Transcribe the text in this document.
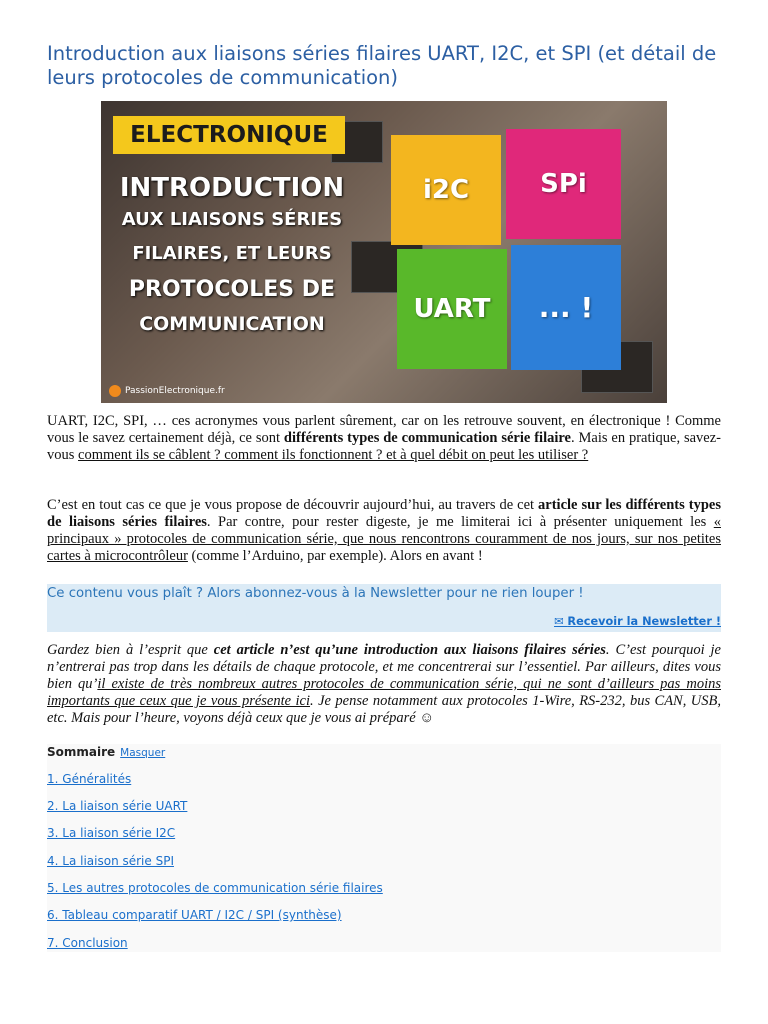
Introduction aux liaisons séries filaires UART, I2C, et SPI (et détail de leurs protocoles de communication)
ELECTRONIQUE
INTRODUCTION
AUX LIAISONS SÉRIES
FILAIRES, ET LEURS
PROTOCOLES DE
COMMUNICATION
i2C	SPi
UART	... !
PassionElectronique.fr

UART, I2C, SPI, … ces acronymes vous parlent sûrement, car on les retrouve souvent, en électronique ! Comme vous le savez certainement déjà, ce sont différents types de communication série filaire. Mais en pratique, savez-vous comment ils se câblent ? comment ils fonctionnent ? et à quel débit on peut les utiliser ?

C’est en tout cas ce que je vous propose de découvrir aujourd’hui, au travers de cet article sur les différents types de liaisons séries filaires. Par contre, pour rester digeste, je me limiterai ici à présenter uniquement les « principaux » protocoles de communication série, que nous rencontrons couramment de nos jours, sur nos petites cartes à microcontrôleur (comme l’Arduino, par exemple). Alors en avant !

Ce contenu vous plaît ? Alors abonnez-vous à la Newsletter pour ne rien louper !
✉ Recevoir la Newsletter !

Gardez bien à l’esprit que cet article n’est qu’une introduction aux liaisons filaires séries. C’est pourquoi je n’entrerai pas trop dans les détails de chaque protocole, et me concentrerai sur l’essentiel. Par ailleurs, dites vous bien qu’il existe de très nombreux autres protocoles de communication série, qui ne sont d’ailleurs pas moins importants que ceux que je vous présente ici. Je pense notamment aux protocoles 1-Wire, RS-232, bus CAN, USB, etc. Mais pour l’heure, voyons déjà ceux que je vous ai préparé ☺

Sommaire Masquer
1. Généralités
2. La liaison série UART
3. La liaison série I2C
4. La liaison série SPI
5. Les autres protocoles de communication série filaires
6. Tableau comparatif UART / I2C / SPI (synthèse)
7. Conclusion
